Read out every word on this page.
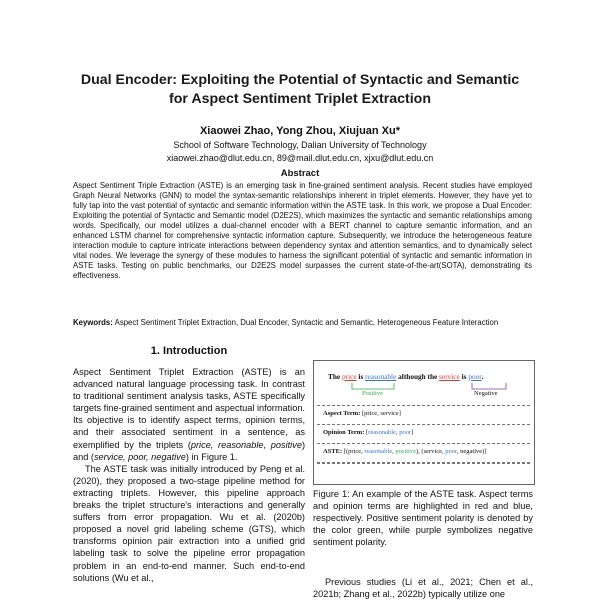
Dual Encoder: Exploiting the Potential of Syntactic and Semantic
for Aspect Sentiment Triplet Extraction
Xiaowei Zhao, Yong Zhou, Xiujuan Xu*
School of Software Technology, Dalian University of Technology
xiaowei.zhao@dlut.edu.cn, 89@mail.dlut.edu.cn, xjxu@dlut.edu.cn
Abstract
Aspect Sentiment Triple Extraction (ASTE) is an emerging task in fine-grained sentiment analysis. Recent studies have employed Graph Neural Networks (GNN) to model the syntax-semantic relationships inherent in triplet elements. However, they have yet to fully tap into the vast potential of syntactic and semantic information within the ASTE task. In this work, we propose a Dual Encoder: Exploiting the potential of Syntactic and Semantic model (D2E2S), which maximizes the syntactic and semantic relationships among words. Specifically, our model utilizes a dual-channel encoder with a BERT channel to capture semantic information, and an enhanced LSTM channel for comprehensive syntactic information capture. Subsequently, we introduce the heterogeneous feature interaction module to capture intricate interactions between dependency syntax and attention semantics, and to dynamically select vital nodes. We leverage the synergy of these modules to harness the significant potential of syntactic and semantic information in ASTE tasks. Testing on public benchmarks, our D2E2S model surpasses the current state-of-the-art(SOTA), demonstrating its effectiveness.
Keywords: Aspect Sentiment Triplet Extraction, Dual Encoder, Syntactic and Semantic, Heterogeneous Feature Interaction
1. Introduction

Aspect Sentiment Triplet Extraction (ASTE) is an advanced natural language processing task. In contrast to traditional sentiment analysis tasks, ASTE specifically targets fine-grained sentiment and aspectual information. Its objective is to identify aspect terms, opinion terms, and their associated sentiment in a sentence, as exemplified by the triplets (price, reasonable, positive) and (service, poor, negative) in Figure 1.

The ASTE task was initially introduced by Peng et al. (2020), they proposed a two-stage pipeline method for extracting triplets. However, this pipeline approach breaks the triplet structure's interactions and generally suffers from error propagation. Wu et al. (2020b) proposed a novel grid labeling scheme (GTS), which transforms opinion pair extraction into a unified grid labeling task to solve the pipeline error propagation problem in an end-to-end manner. Such end-to-end solutions (Wu et al.,

The price is reasonable although the service is poor.
Positive	Negative
Aspect Term: [price, service]
Opinion Term: [reasonable, poor]
ASTE: [(price, reasonable, positive), (service, poor, negative)]
Figure 1: An example of the ASTE task. Aspect terms and opinion terms are highlighted in red and blue, respectively. Positive sentiment polarity is denoted by the color green, while purple symbolizes negative sentiment polarity.
Previous studies (Li et al., 2021; Chen et al., 2021b; Zhang et al., 2022b) typically utilize one
